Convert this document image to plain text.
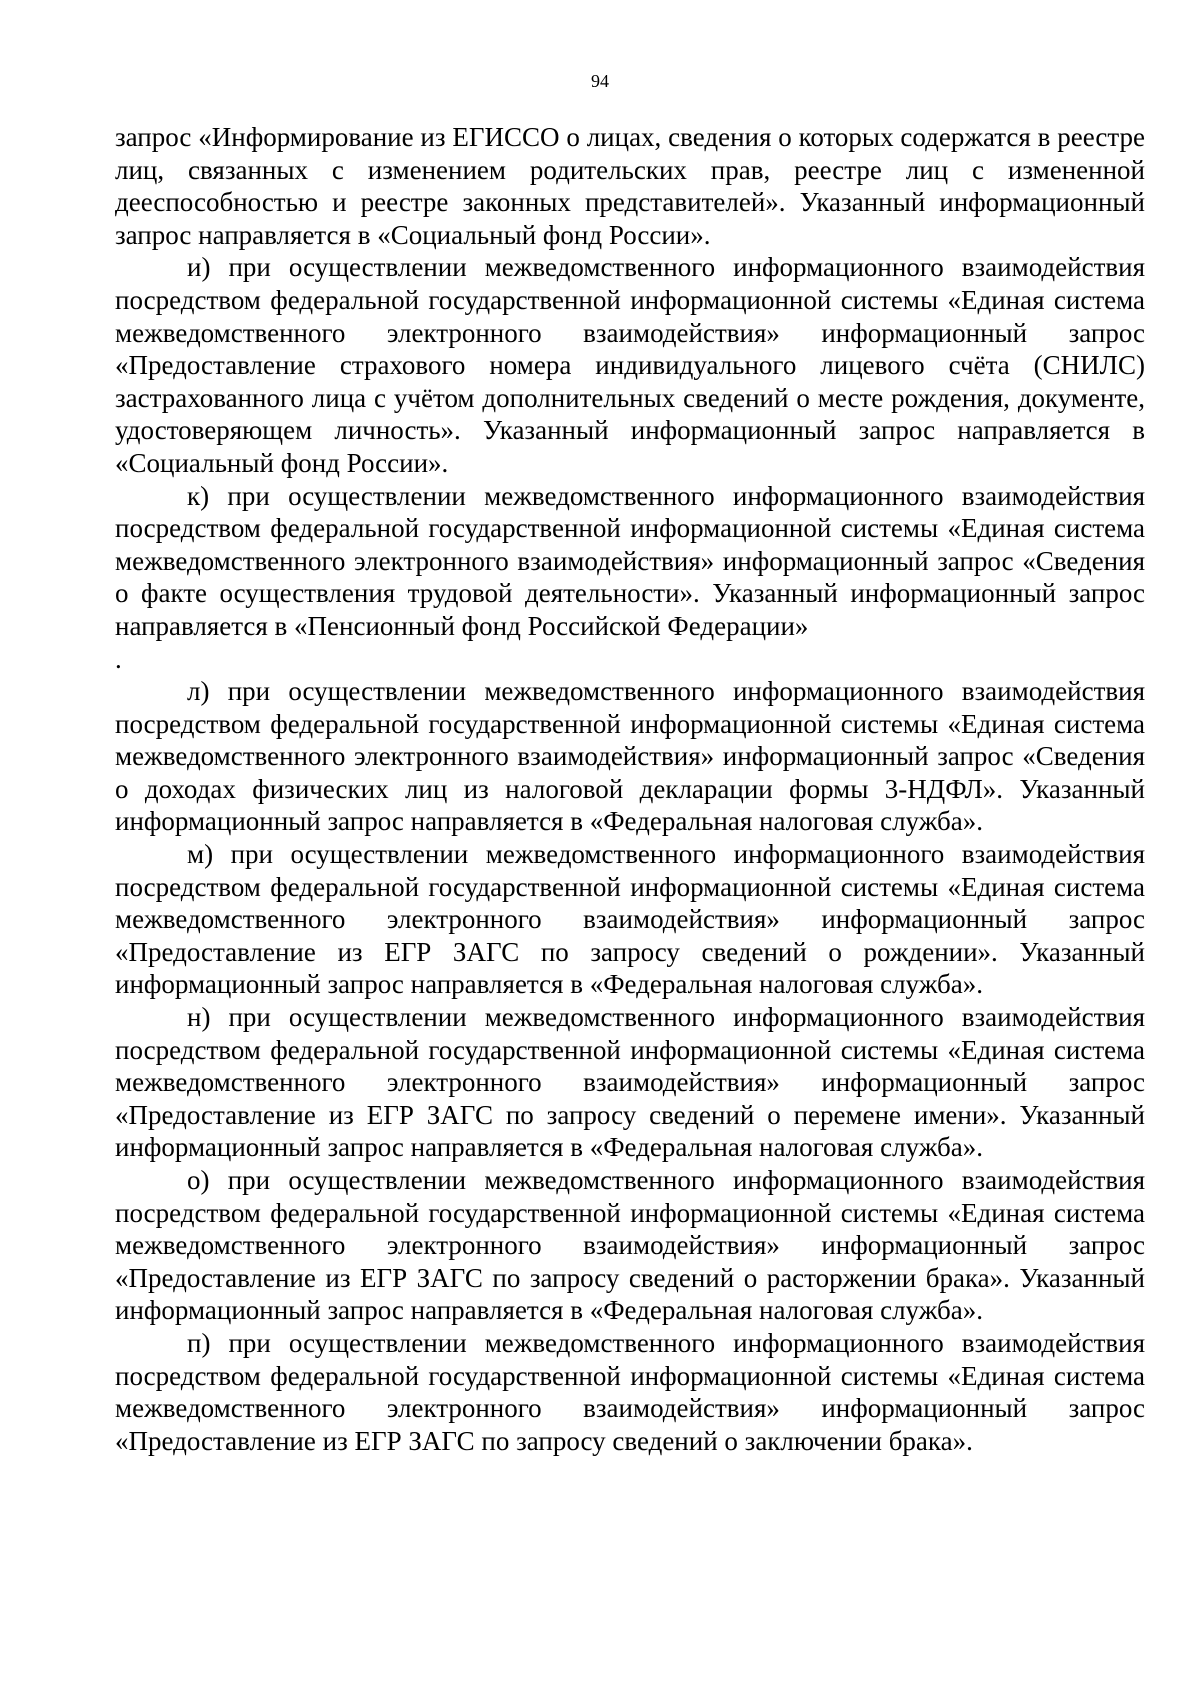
94

запрос «Информирование из ЕГИССО о лицах, сведения о которых содержатся в реестре лиц, связанных с изменением родительских прав, реестре лиц с измененной дееспособностью и реестре законных представителей». Указанный информационный запрос направляется в «Социальный фонд России».

и) при осуществлении межведомственного информационного взаимодействия посредством федеральной государственной информационной системы «Единая система межведомственного электронного взаимодействия» информационный запрос «Предоставление страхового номера индивидуального лицевого счёта (СНИЛС) застрахованного лица с учётом дополнительных сведений о месте рождения, документе, удостоверяющем личность». Указанный информационный запрос направляется в «Социальный фонд России».

к) при осуществлении межведомственного информационного взаимодействия посредством федеральной государственной информационной системы «Единая система межведомственного электронного взаимодействия» информационный запрос «Сведения о факте осуществления трудовой деятельности». Указанный информационный запрос направляется в «Пенсионный фонд Российской Федерации»

.

л) при осуществлении межведомственного информационного взаимодействия посредством федеральной государственной информационной системы «Единая система межведомственного электронного взаимодействия» информационный запрос «Сведения о доходах физических лиц из налоговой декларации формы 3-НДФЛ». Указанный информационный запрос направляется в «Федеральная налоговая служба».

м) при осуществлении межведомственного информационного взаимодействия посредством федеральной государственной информационной системы «Единая система межведомственного электронного взаимодействия» информационный запрос «Предоставление из ЕГР ЗАГС по запросу сведений о рождении». Указанный информационный запрос направляется в «Федеральная налоговая служба».

н) при осуществлении межведомственного информационного взаимодействия посредством федеральной государственной информационной системы «Единая система межведомственного электронного взаимодействия» информационный запрос «Предоставление из ЕГР ЗАГС по запросу сведений о перемене имени». Указанный информационный запрос направляется в «Федеральная налоговая служба».

о) при осуществлении межведомственного информационного взаимодействия посредством федеральной государственной информационной системы «Единая система межведомственного электронного взаимодействия» информационный запрос «Предоставление из ЕГР ЗАГС по запросу сведений о расторжении брака». Указанный информационный запрос направляется в «Федеральная налоговая служба».

п) при осуществлении межведомственного информационного взаимодействия посредством федеральной государственной информационной системы «Единая система межведомственного электронного взаимодействия» информационный запрос «Предоставление из ЕГР ЗАГС по запросу сведений о заключении брака».
